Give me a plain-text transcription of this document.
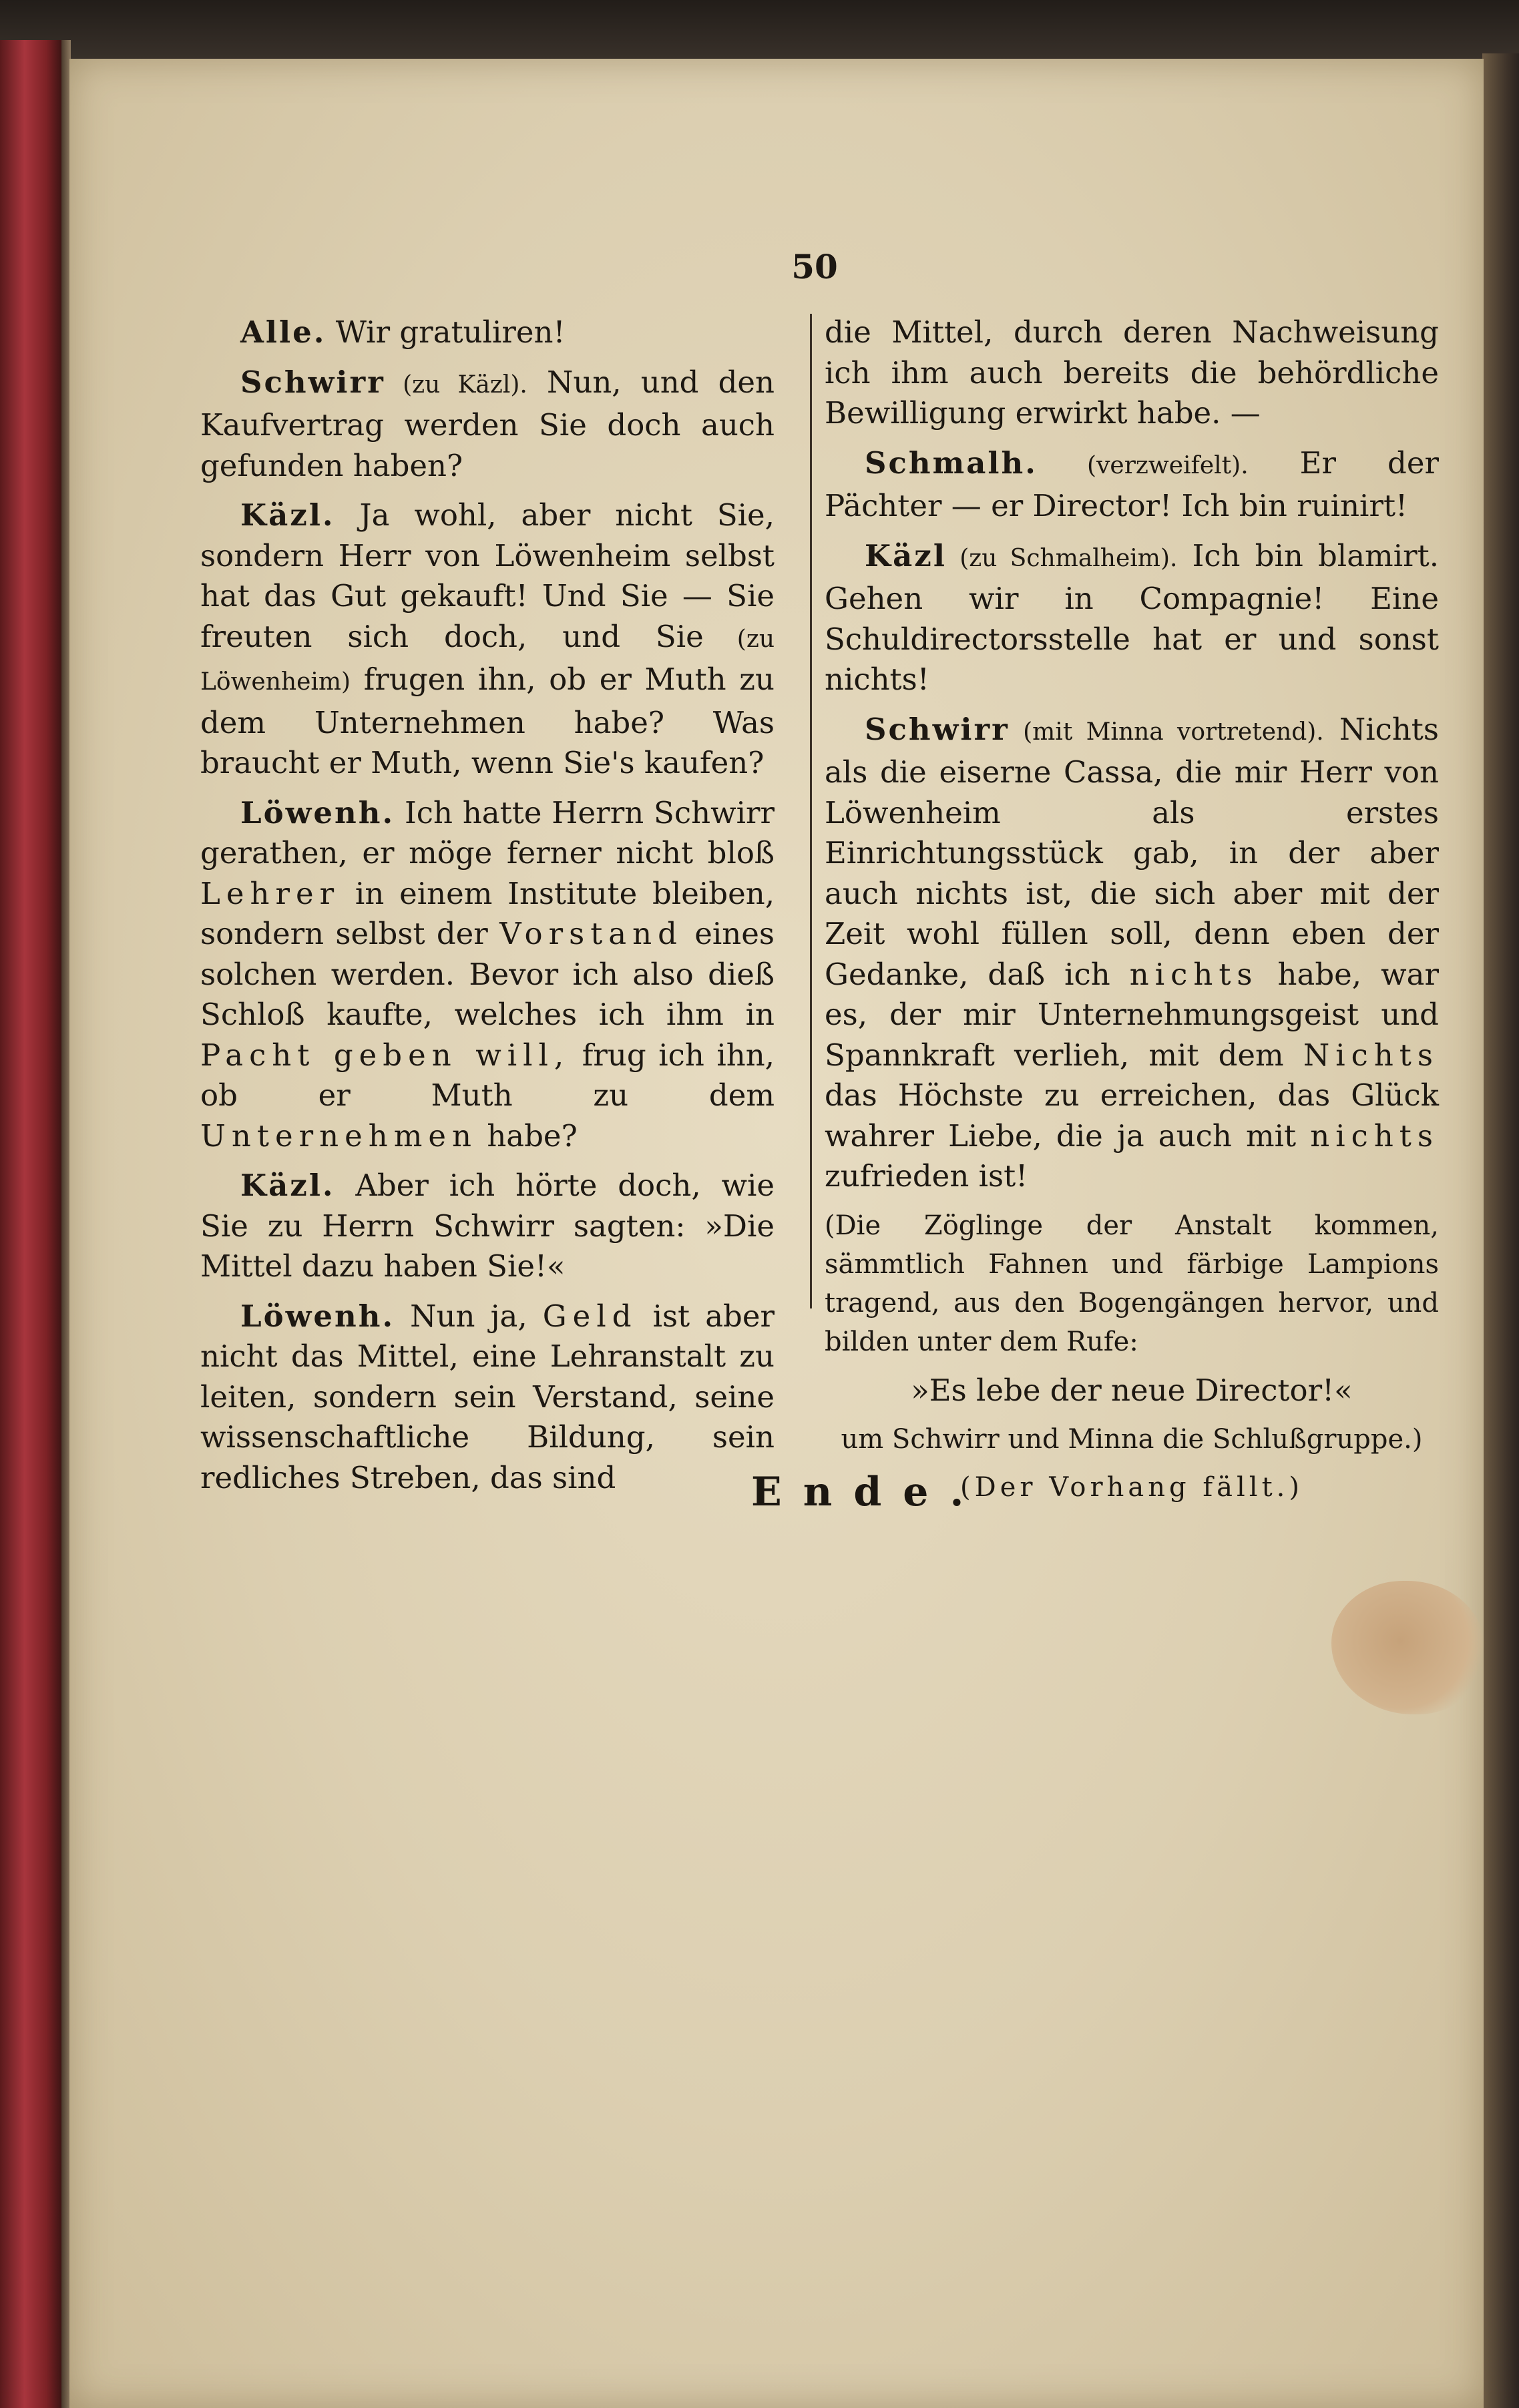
50

Alle. Wir gratuliren!

Schwirr (zu Käzl). Nun, und den Kaufvertrag werden Sie doch auch gefunden haben?

Käzl. Ja wohl, aber nicht Sie, sondern Herr von Löwenheim selbst hat das Gut gekauft! Und Sie — Sie freuten sich doch, und Sie (zu Löwenheim) frugen ihn, ob er Muth zu dem Unternehmen habe? Was braucht er Muth, wenn Sie's kaufen?

Löwenh. Ich hatte Herrn Schwirr gerathen, er möge ferner nicht bloß Lehrer in einem Institute bleiben, sondern selbst der Vorstand eines solchen werden. Bevor ich also dieß Schloß kaufte, welches ich ihm in Pacht geben will, frug ich ihn, ob er Muth zu dem Unternehmen habe?

Käzl. Aber ich hörte doch, wie Sie zu Herrn Schwirr sagten: »Die Mittel dazu haben Sie!«

Löwenh. Nun ja, Geld ist aber nicht das Mittel, eine Lehranstalt zu leiten, sondern sein Verstand, seine wissenschaftliche Bildung, sein redliches Streben, das sind

die Mittel, durch deren Nachweisung ich ihm auch bereits die behördliche Bewilligung erwirkt habe. —

Schmalh. (verzweifelt). Er der Pächter — er Director! Ich bin ruinirt!

Käzl (zu Schmalheim). Ich bin blamirt. Gehen wir in Compagnie! Eine Schuldirectorsstelle hat er und sonst nichts!

Schwirr (mit Minna vortretend). Nichts als die eiserne Cassa, die mir Herr von Löwenheim als erstes Einrichtungsstück gab, in der aber auch nichts ist, die sich aber mit der Zeit wohl füllen soll, denn eben der Gedanke, daß ich nichts habe, war es, der mir Unternehmungsgeist und Spannkraft verlieh, mit dem Nichts das Höchste zu erreichen, das Glück wahrer Liebe, die ja auch mit nichts zufrieden ist!

(Die Zöglinge der Anstalt kommen, sämmtlich Fahnen und färbige Lampions tragend, aus den Bogengängen hervor, und bilden unter dem Rufe:

»Es lebe der neue Director!«

um Schwirr und Minna die Schlußgruppe.)

(Der Vorhang fällt.)

Ende.
